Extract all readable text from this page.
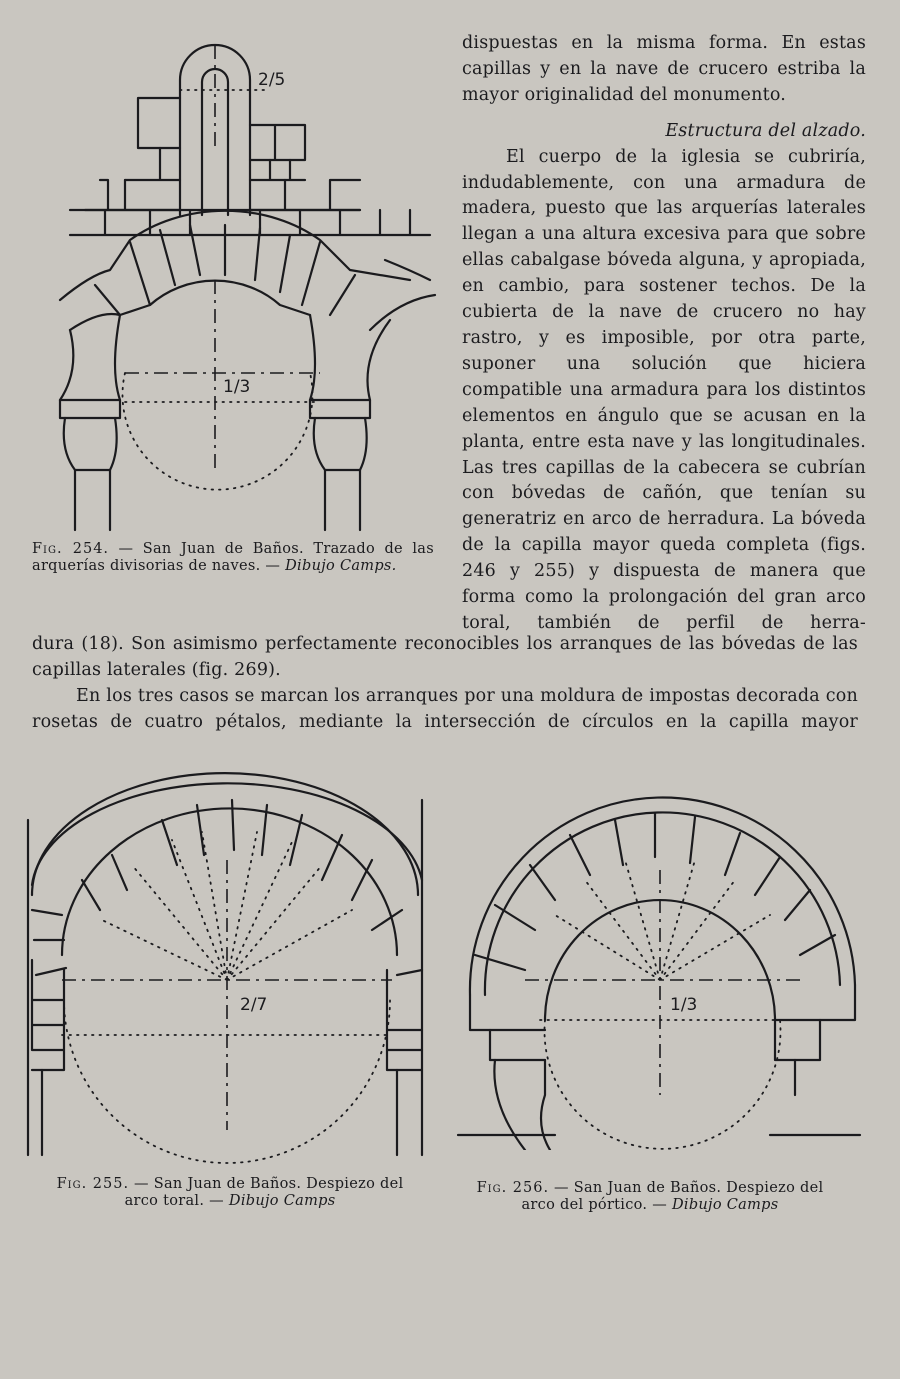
2/5
1/3
Fig. 254. — San Juan de Baños. Trazado de las arquerías divisorias de naves. — Dibujo Camps.

dispuestas en la misma forma. En estas capillas y en la nave de crucero estriba la mayor originalidad del monumento.

Estructura del alzado.

El cuerpo de la iglesia se cubriría, indudablemente, con una armadura de madera, puesto que las arquerías laterales llegan a una altura excesiva para que sobre ellas cabalgase bóveda alguna, y apropiada, en cambio, para sostener techos. De la cubierta de la nave de crucero no hay rastro, y es imposible, por otra parte, suponer una solución que hiciera compatible una armadura para los distintos elementos en ángulo que se acusan en la planta, entre esta nave y las longitudinales. Las tres capillas de la cabecera se cubrían con bóvedas de cañón, que tenían su generatriz en arco de herradura. La bóveda de la capilla mayor queda completa (figs. 246 y 255) y dispuesta de manera que forma como la prolongación del gran arco toral, también de perfil de herra-

dura (18). Son asimismo perfectamente reconocibles los arranques de las bóvedas de las capillas laterales (fig. 269).

En los tres casos se marcan los arranques por una moldura de impostas decorada con rosetas de cuatro pétalos, mediante la intersección de círculos en la capilla mayor

2/7
Fig. 255. — San Juan de Baños. Despiezo del arco toral. — Dibujo Camps
1/3
Fig. 256. — San Juan de Baños. Despiezo del arco del pórtico. — Dibujo Camps
